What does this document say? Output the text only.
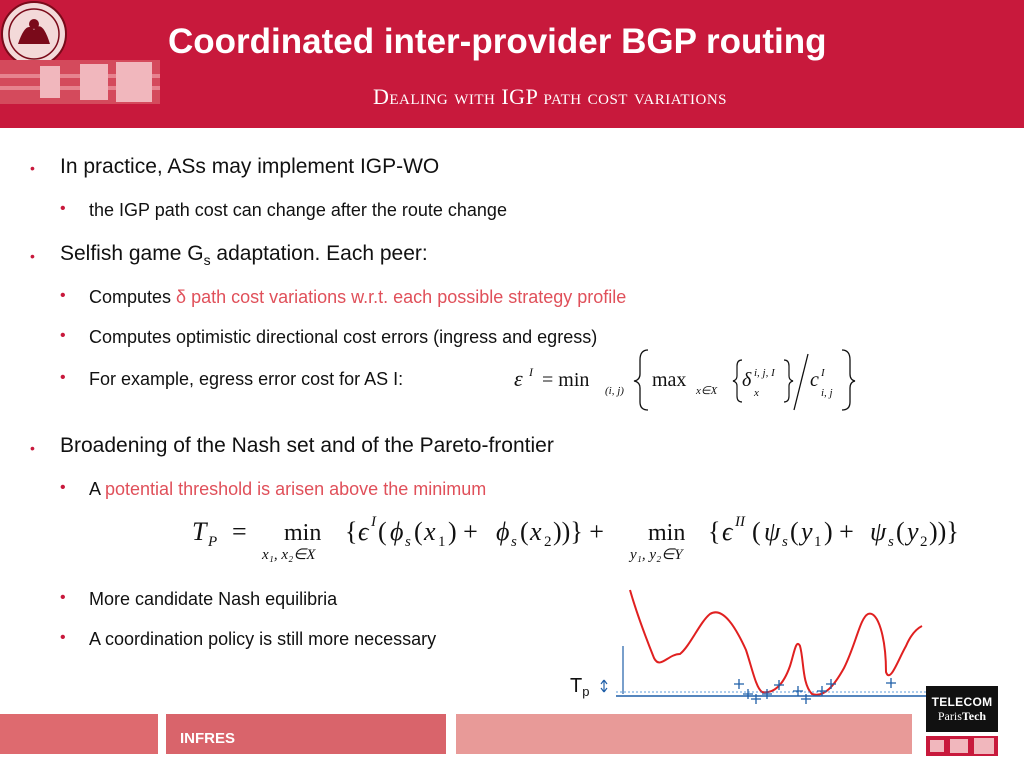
Coordinated inter-provider BGP routing
Dealing with IGP path cost variations
• In practice, ASs may implement IGP-WO
• the IGP path cost can change after the route change
• Selfish game $G_s$ adaptation. Each peer:
• Computes δ path cost variations w.r.t. each possible strategy profile
• Computes optimistic directional cost errors (ingress and egress)
• For example, egress error cost for AS I:	ε I = min (i, j) max x∈X δ i, j, I
x
c I
i, j
• Broadening of the Nash set and of the Pareto-frontier
• A potential threshold is arisen above the minimum
T P = min
x₁, x₂∈X
{ ϵ I ( ϕ s ( x 1 ) + ϕ s ( x 2 ))} + min
y₁, y₂∈Y
{ ϵ II ( ψ s ( y 1 ) + ψ s ( y 2 ))}
• More candidate Nash equilibria
• A coordination policy is still more necessary
$T_p$
INFRES
TELECOM
ParisTech
